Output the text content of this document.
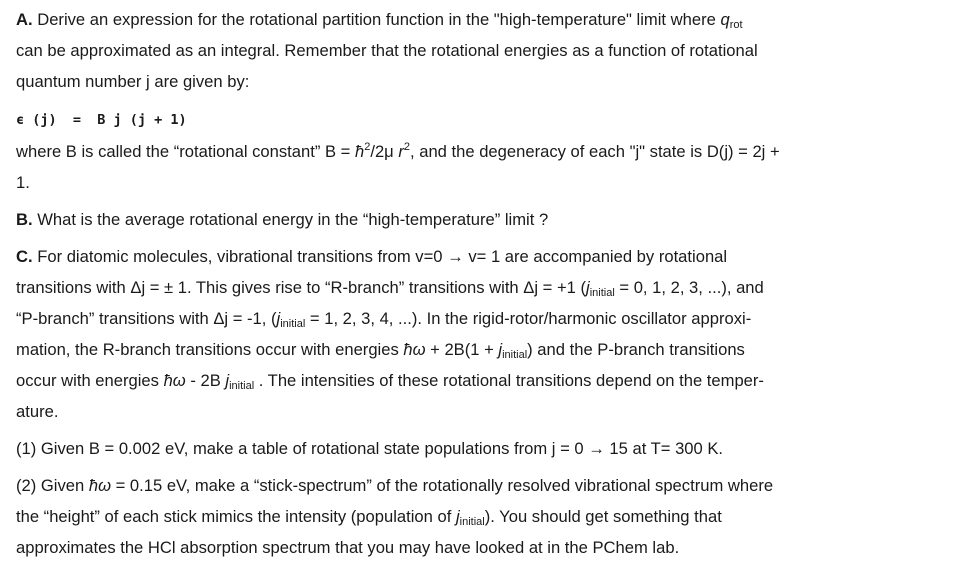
A. Derive an expression for the rotational partition function in the "high-temperature" limit where $q_{rot}$
can be approximated as an integral. Remember that the rotational energies as a function of rotational
quantum number j are given by:
ϵ (j)  =  B j (j + 1)
where B is called the “rotational constant” $B = ħ^2/2\mu$ $r^2$, and the degeneracy of each "j" state is D(j) = 2j +
1.
B. What is the average rotational energy in the “high-temperature” limit ?
C. For diatomic molecules, vibrational transitions from v=0 → v= 1 are accompanied by rotational
transitions with Δj = ± 1. This gives rise to “R-branch” transitions with Δj = +1 ($j_{initial} = 0$, 1, 2, 3, ...), and
“P-branch” transitions with Δj = -1, ($j_{initial} = 1$, 2, 3, 4, ...). In the rigid-rotor/harmonic oscillator approxi-
mation, the R-branch transitions occur with energies ħω + $2B(1 + j_{initial})$ and the P-branch transitions
occur with energies ħω - 2B $j_{initial}$ . The intensities of these rotational transitions depend on the temper-
ature.
(1) Given B = 0.002 eV, make a table of rotational state populations from j = 0 → 15 at T= 300 K.
(2) Given ħω = 0.15 eV, make a “stick-spectrum” of the rotationally resolved vibrational spectrum where
the “height” of each stick mimics the intensity (population of $j_{initial}$). You should get something that
approximates the HCl absorption spectrum that you may have looked at in the PChem lab.
